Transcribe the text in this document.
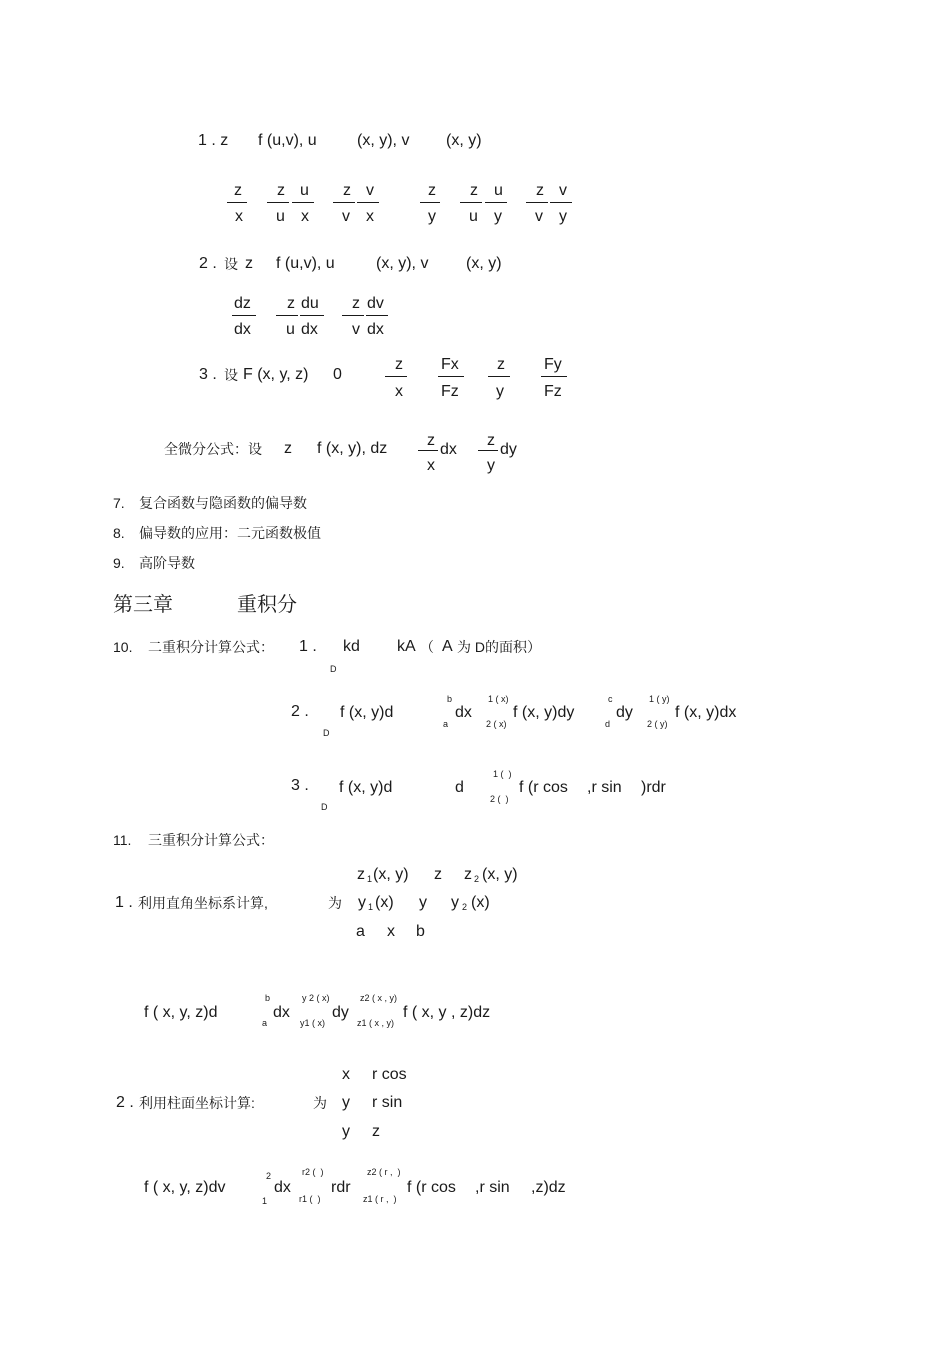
1 . z f (u,v), u	(x, y), v (x, y)
z
x
z
u
u
x
z
v
v
x
z
y
z
u
u
y
z
v
v
y
2 . 设 z f (u,v), u	(x, y), v (x, y)
dz
dx
z
u
du
dx
z
v
dv
dx
3 . 设 F (x, y, z) 0
z
x
Fx
Fz
z
y
Fy
Fz
全微分公式：设 z f (x, y), dz z
x
dx
z
y
dy
7. 复合函数与隐函数的偏导数
8. 偏导数的应用：二元函数极值
9. 高阶导数
第三章	重积分
10. 二重积分计算公式： 1 . kd
D
kA （ A 为 D的面积）
2 . f (x, y)d
D
b
a
dx
1 ( x)
2 ( x)
f (x, y)dy
c
d
dy
1 ( y)
2 ( y)
f (x, y)dx
3 . f (x, y)d
D
d
1 (  )
2 (  )
f (r cos ,r sin )rdr
11. 三重积分计算公式：
z 1 (x, y) z z 2 (x, y)
1 . 利用直角坐标系计算,	为 y 1 (x) y y 2 (x)
a x b
f ( x, y, z)d
b
a
dx
y 2 ( x)
y1 ( x)
dy
z2 ( x , y)
z1 ( x , y)
f ( x, y , z)dz
x r cos
2 . 利用柱面坐标计算:	为 y r sin
y z
f ( x, y, z)dv
2
1
dx
r2 (  )
r1 (  )
rdr
z2 ( r ,  )
z1 ( r ,  )
f (r cos ,r sin ,z)dz
